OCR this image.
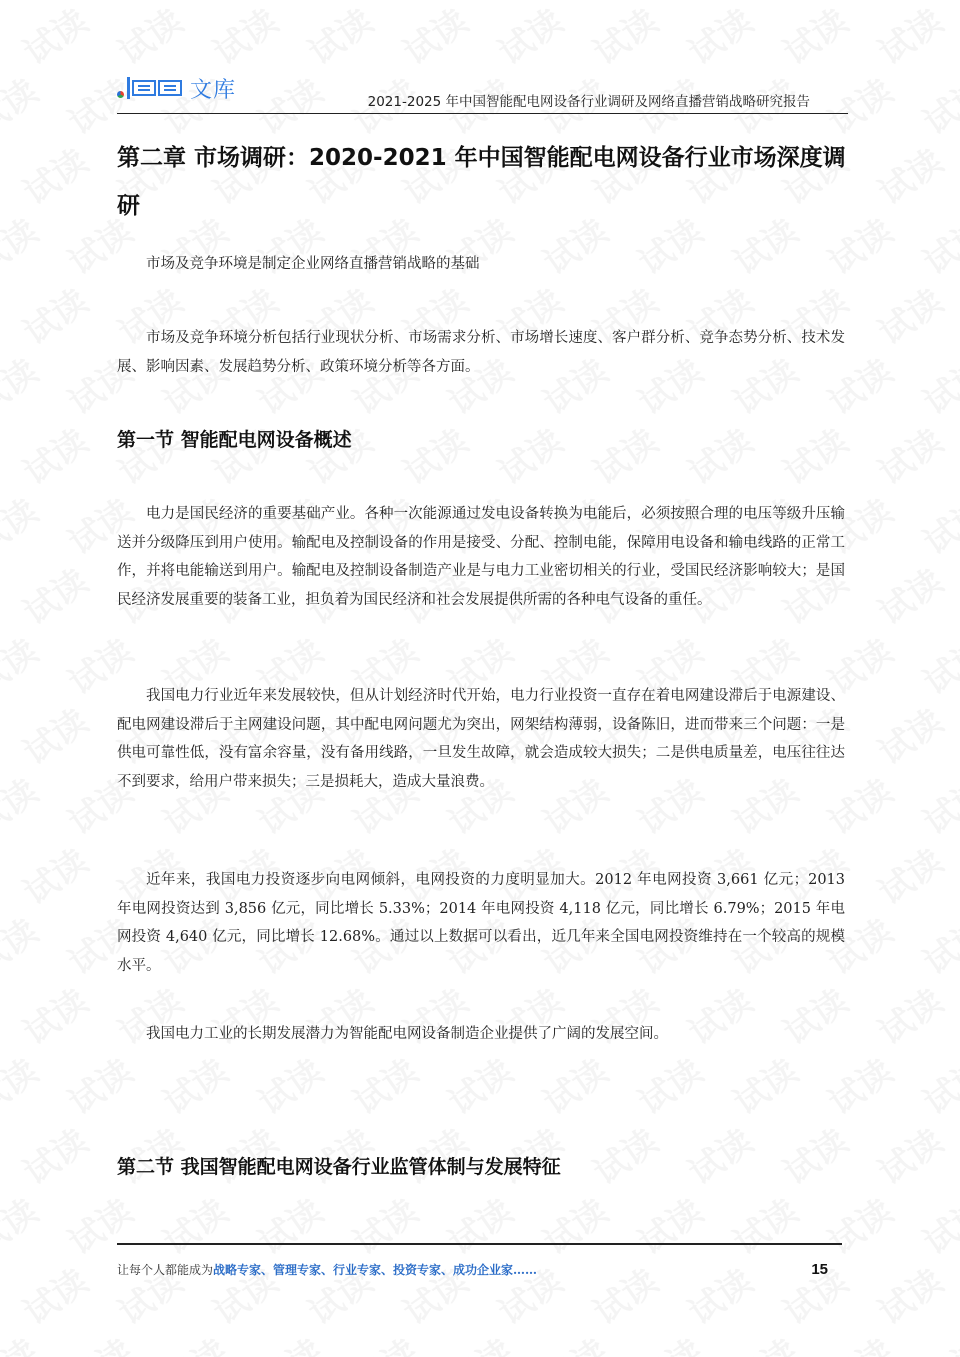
文库	2021-2025 年中国智能配电网设备行业调研及网络直播营销战略研究报告
第二章 市场调研：2020-2021 年中国智能配电网设备行业市场深度调研

市场及竞争环境是制定企业网络直播营销战略的基础

市场及竞争环境分析包括行业现状分析、市场需求分析、市场增长速度、客户群分析、竞争态势分析、技术发展、影响因素、发展趋势分析、政策环境分析等各方面。

第一节 智能配电网设备概述

电力是国民经济的重要基础产业。各种一次能源通过发电设备转换为电能后，必须按照合理的电压等级升压输送并分级降压到用户使用。输配电及控制设备的作用是接受、分配、控制电能，保障用电设备和输电线路的正常工作，并将电能输送到用户。输配电及控制设备制造产业是与电力工业密切相关的行业，受国民经济影响较大；是国民经济发展重要的装备工业，担负着为国民经济和社会发展提供所需的各种电气设备的重任。

我国电力行业近年来发展较快，但从计划经济时代开始，电力行业投资一直存在着电网建设滞后于电源建设、配电网建设滞后于主网建设问题，其中配电网问题尤为突出，网架结构薄弱，设备陈旧，进而带来三个问题：一是供电可靠性低，没有富余容量，没有备用线路，一旦发生故障，就会造成较大损失；二是供电质量差，电压往往达不到要求，给用户带来损失；三是损耗大，造成大量浪费。

近年来，我国电力投资逐步向电网倾斜，电网投资的力度明显加大。2012 年电网投资 3,661 亿元；2013 年电网投资达到 3,856 亿元，同比增长 5.33%；2014 年电网投资 4,118 亿元，同比增长 6.79%；2015 年电网投资 4,640 亿元，同比增长 12.68%。通过以上数据可以看出，近几年来全国电网投资维持在一个较高的规模水平。

我国电力工业的长期发展潜力为智能配电网设备制造企业提供了广阔的发展空间。

第二节 我国智能配电网设备行业监管体制与发展特征
让每个人都能成为战略专家、管理专家、行业专家、投资专家、成功企业家……	15
